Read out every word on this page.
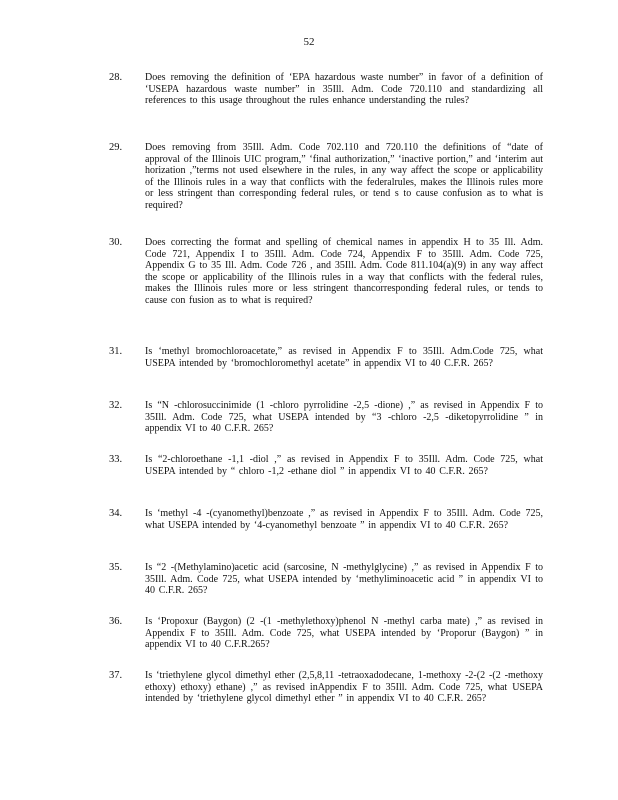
52
28. Does removing the definition of ‘EPA hazardous waste number” in favor of a definition of ‘USEPA hazardous waste number” in 35Ill. Adm. Code 720.110 and standardizing all references to this usage throughout the rules enhance understanding the rules?
29. Does removing from 35Ill. Adm. Code 702.110 and 720.110 the definitions of “date of approval of the Illinois UIC program,” ‘final authorization,” ‘inactive portion,” and ‘interim aut horization ,”terms not used elsewhere in the rules, in any way affect the scope or applicability of the Illinois rules in a way that conflicts with the federalrules, makes the Illinois rules more or less stringent than corresponding federal rules, or tend s to cause confusion as to what is required?
30. Does correcting the format and spelling of chemical names in appendix H to 35 Ill. Adm. Code 721, Appendix I to 35Ill. Adm. Code 724, Appendix F to 35Ill. Adm. Code 725, Appendix G to 35 Ill. Adm. Code 726 , and 35Ill. Adm. Code 811.104(a)(9) in any way affect the scope or applicability of the Illinois rules in a way that conflicts with the federal rules, makes the Illinois rules more or less stringent thancorresponding federal rules, or tends to cause con fusion as to what is required?
31. Is ‘methyl bromochloroacetate,” as revised in Appendix F to 35Ill. Adm.Code 725, what USEPA intended by ‘bromochloromethyl acetate” in appendix VI to 40 C.F.R. 265?
32. Is “N -chlorosuccinimide (1 -chloro pyrrolidine -2,5 -dione) ,” as revised in Appendix F to 35Ill. Adm. Code 725, what USEPA intended by “3 -chloro -2,5 -diketopyrrolidine ” in appendix VI to 40 C.F.R. 265?
33. Is “2-chloroethane -1,1 -diol ,” as revised in Appendix F to 35Ill. Adm. Code 725, what USEPA intended by “ chloro -1,2 -ethane diol ” in appendix VI to 40 C.F.R. 265?
34. Is ‘methyl -4 -(cyanomethyl)benzoate ,” as revised in Appendix F to 35Ill. Adm. Code 725, what USEPA intended by ‘4-cyanomethyl benzoate ” in appendix VI to 40 C.F.R. 265?
35. Is “2 -(Methylamino)acetic acid (sarcosine, N -methylglycine) ,” as revised in Appendix F to 35Ill. Adm. Code 725, what USEPA intended by ‘methyliminoacetic acid ” in appendix VI to 40 C.F.R. 265?
36. Is ‘Propoxur (Baygon) (2 -(1 -methylethoxy)phenol N -methyl carba mate) ,” as revised in Appendix F to 35Ill. Adm. Code 725, what USEPA intended by ‘Proporur (Baygon) ” in appendix VI to 40 C.F.R.265?
37. Is ‘triethylene glycol dimethyl ether (2,5,8,11 -tetraoxadodecane, 1-methoxy -2-(2 -(2 -methoxy ethoxy) ethoxy) ethane) ,” as revised inAppendix F to 35Ill. Adm. Code 725, what USEPA intended by ‘triethylene glycol dimethyl ether ” in appendix VI to 40 C.F.R. 265?
